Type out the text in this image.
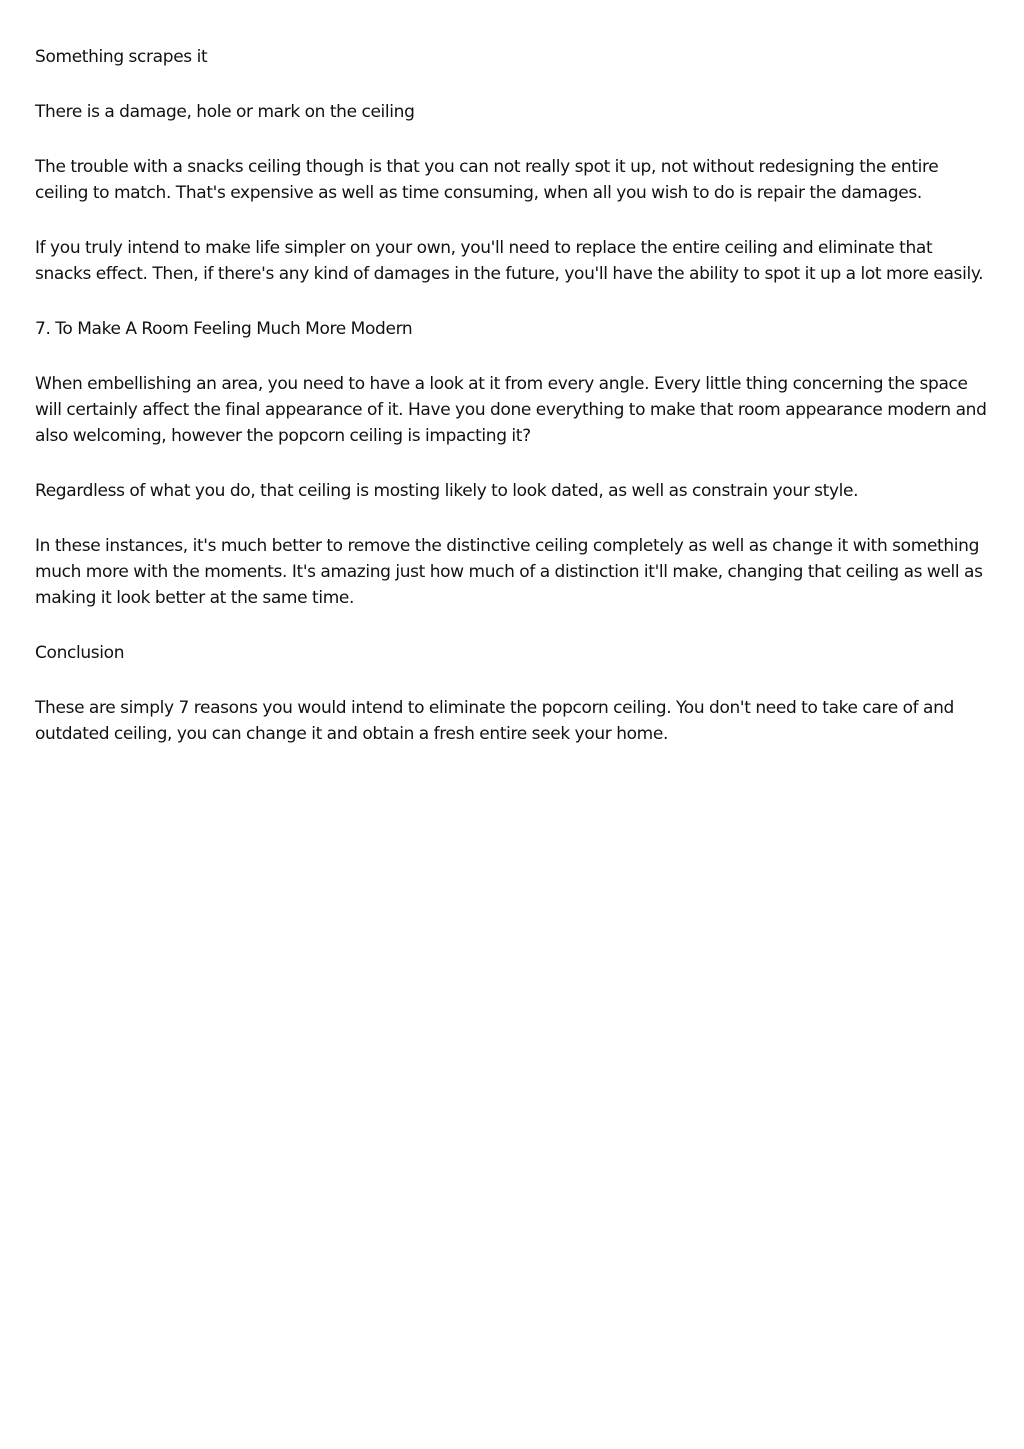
Something scrapes it

There is a damage, hole or mark on the ceiling

The trouble with a snacks ceiling though is that you can not really spot it up, not without redesigning the entire ceiling to match. That's expensive as well as time consuming, when all you wish to do is repair the damages.

If you truly intend to make life simpler on your own, you'll need to replace the entire ceiling and eliminate that snacks effect. Then, if there's any kind of damages in the future, you'll have the ability to spot it up a lot more easily.

7. To Make A Room Feeling Much More Modern

When embellishing an area, you need to have a look at it from every angle. Every little thing concerning the space will certainly affect the final appearance of it. Have you done everything to make that room appearance modern and also welcoming, however the popcorn ceiling is impacting it?

Regardless of what you do, that ceiling is mosting likely to look dated, as well as constrain your style.

In these instances, it's much better to remove the distinctive ceiling completely as well as change it with something much more with the moments. It's amazing just how much of a distinction it'll make, changing that ceiling as well as making it look better at the same time.

Conclusion

These are simply 7 reasons you would intend to eliminate the popcorn ceiling. You don't need to take care of and outdated ceiling, you can change it and obtain a fresh entire seek your home.
